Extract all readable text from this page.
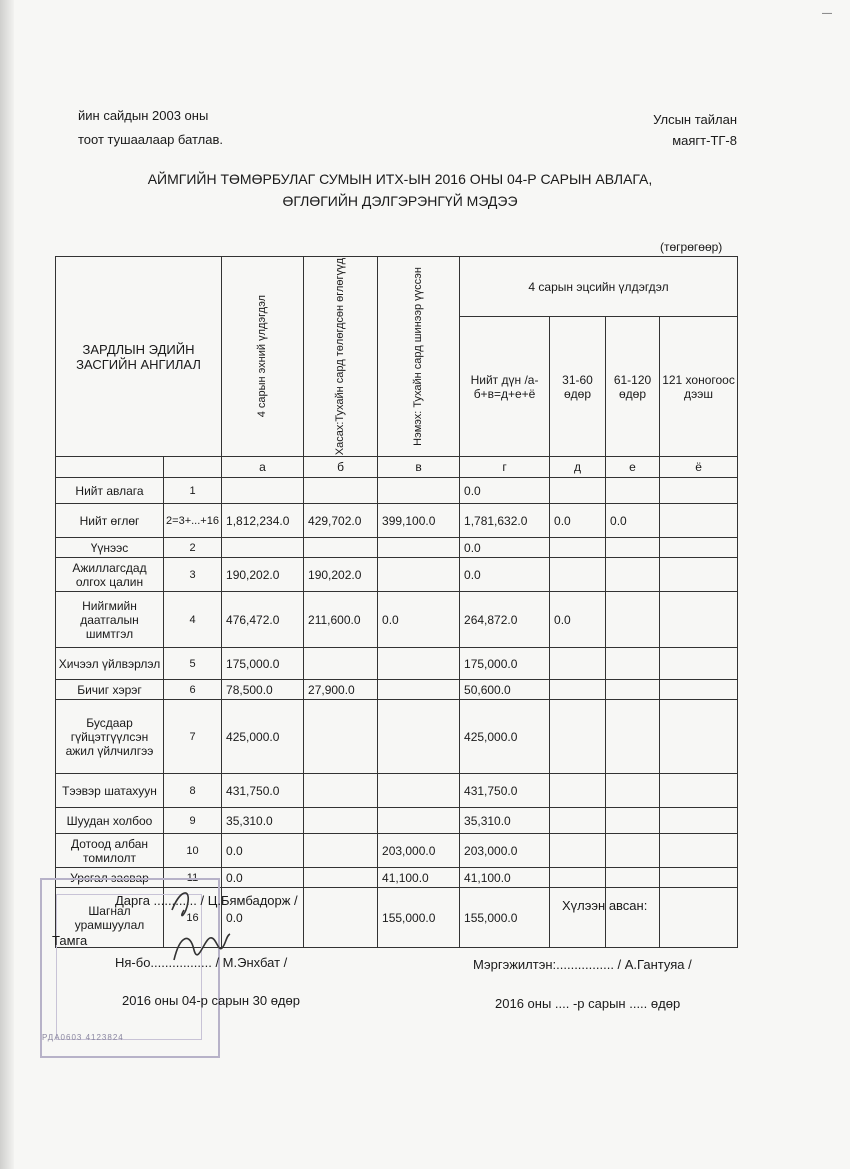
—
йин сайдын 2003 оны
тоот тушаалаар батлав.
Улсын тайлан
маягт-ТГ-8
АЙМГИЙН ТӨМӨРБУЛАГ СУМЫН ИТХ-ЫН 2016 ОНЫ 04-Р САРЫН АВЛАГА,
ӨГЛӨГИЙН ДЭЛГЭРЭНГҮЙ МЭДЭЭ
(төгрөгөөр)
ЗАРДЛЫН ЭДИЙН ЗАСГИЙН АНГИЛАЛ		4 сарын эхний үлдэгдэл	Хасах:Тухайн сард төлөгдсөн өглөгүүд	Нэмэх: Тухайн сард шинээр үүссэн	4 сарын эцсийн үлдэгдэл			
					Нийт дүн /а-б+в=д+е+ё	31-60 өдөр	61-120 өдөр	121 хоногоос дээш
		а	б	в	г	д	е	ё
Нийт авлага	1				0.0			
Нийт өглөг	2=3+...+16	1,812,234.0	429,702.0	399,100.0	1,781,632.0	0.0	0.0	
Үүнээс	2				0.0			
Ажиллагсдад олгох цалин	3	190,202.0	190,202.0		0.0			
Нийгмийн даатгалын шимтгэл	4	476,472.0	211,600.0	0.0	264,872.0	0.0		
Хичээл үйлвэрлэл	5	175,000.0			175,000.0			
Бичиг хэрэг	6	78,500.0	27,900.0		50,600.0			
Бусдаар гүйцэтгүүлсэн ажил үйлчилгээ	7	425,000.0			425,000.0			
Тээвэр шатахуун	8	431,750.0			431,750.0			
Шуудан холбоо	9	35,310.0			35,310.0			
Дотоод албан томилолт	10	0.0		203,000.0	203,000.0			
Урсгал засвар	11	0.0		41,100.0	41,100.0			
Шагнал урамшуулал	16	0.0		155,000.0	155,000.0			
РДА0603 4123824
Дарга ............ / Ц.Бямбадорж /
Тамга
Ня-бо................. / М.Энхбат /
2016 оны 04-р сарын 30 өдөр
Хүлээн авсан:
Мэргэжилтэн:................ / А.Гантуяа /
2016 оны .... -р сарын ..... өдөр
